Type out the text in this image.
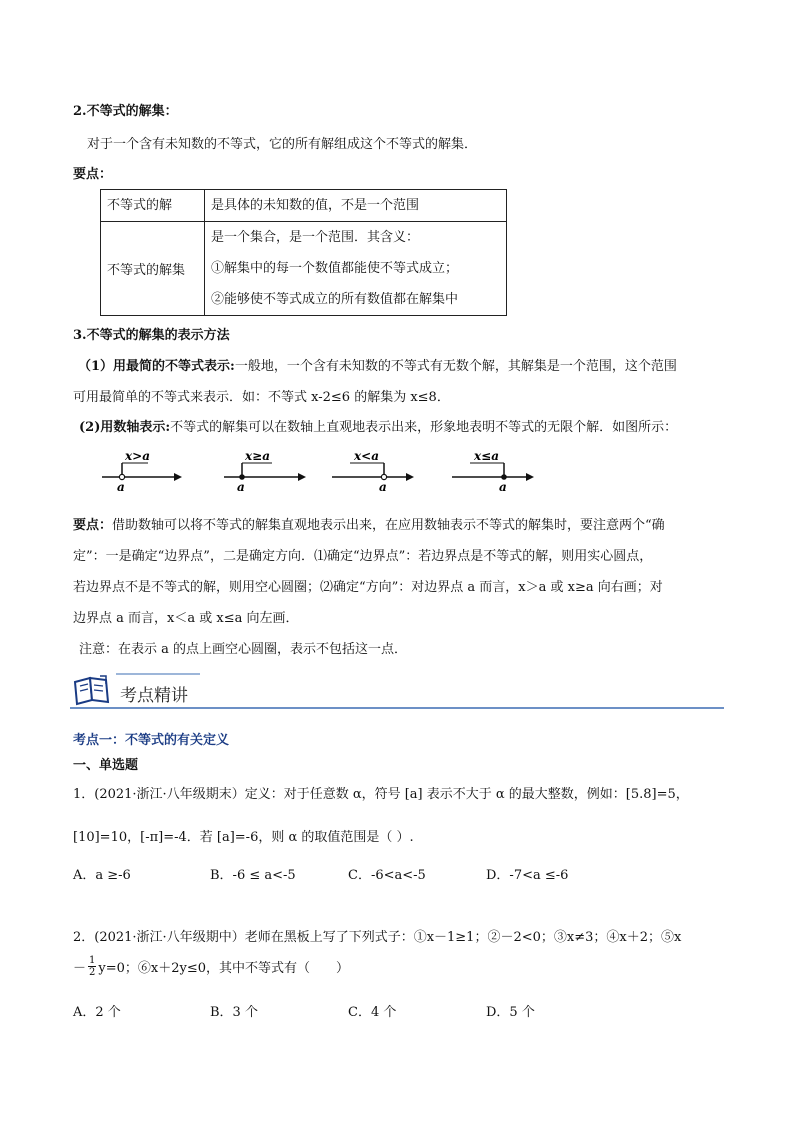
2.不等式的解集：
对于一个含有未知数的不等式，它的所有解组成这个不等式的解集．
要点：
不等式的解	是具体的未知数的值，不是一个范围

不等式的解集	是一个集合，是一个范围．其含义：
①解集中的每一个数值都能使不等式成立；
②能够使不等式成立的所有数值都在解集中
3.不等式的解集的表示方法
（1）用最简的不等式表示:一般地，一个含有未知数的不等式有无数个解，其解集是一个范围，这个范围
可用最简单的不等式来表示．如：不等式 x-2≤6 的解集为 x≤8．
(2)用数轴表示:不等式的解集可以在数轴上直观地表示出来，形象地表明不等式的无限个解．如图所示：
x>a
a
x≥a
a
x<a
a
x≤a
a
要点：借助数轴可以将不等式的解集直观地表示出来，在应用数轴表示不等式的解集时，要注意两个“确
定”：一是确定“边界点”，二是确定方向．⑴确定“边界点”：若边界点是不等式的解，则用实心圆点，
若边界点不是不等式的解，则用空心圆圈；⑵确定“方向”：对边界点 a 而言，x＞a 或 x≥a 向右画；对
边界点 a 而言，x＜a 或 x≤a 向左画．
注意：在表示 a 的点上画空心圆圈，表示不包括这一点．
考点精讲
考点一：不等式的有关定义
一、单选题
1．(2021·浙江·八年级期末）定义：对于任意数 α，符号 [a] 表示不大于 α 的最大整数，例如：[5.8]=5，
[10]=10，[-π]=-4．若 [a]=-6，则 α 的取值范围是（ ）.
A．a ≥-6	B．-6 ≤ a<-5	C．-6<a<-5	D．-7<a ≤-6
2．(2021·浙江·八年级期中）老师在黑板上写了下列式子：①x－1≥1；②－2<0；③x≠3；④x＋2；⑤x
－
1
2 y=0；⑥x＋2y≤0，其中不等式有（　　）
A．2 个	B．3 个	C．4 个	D．5 个
